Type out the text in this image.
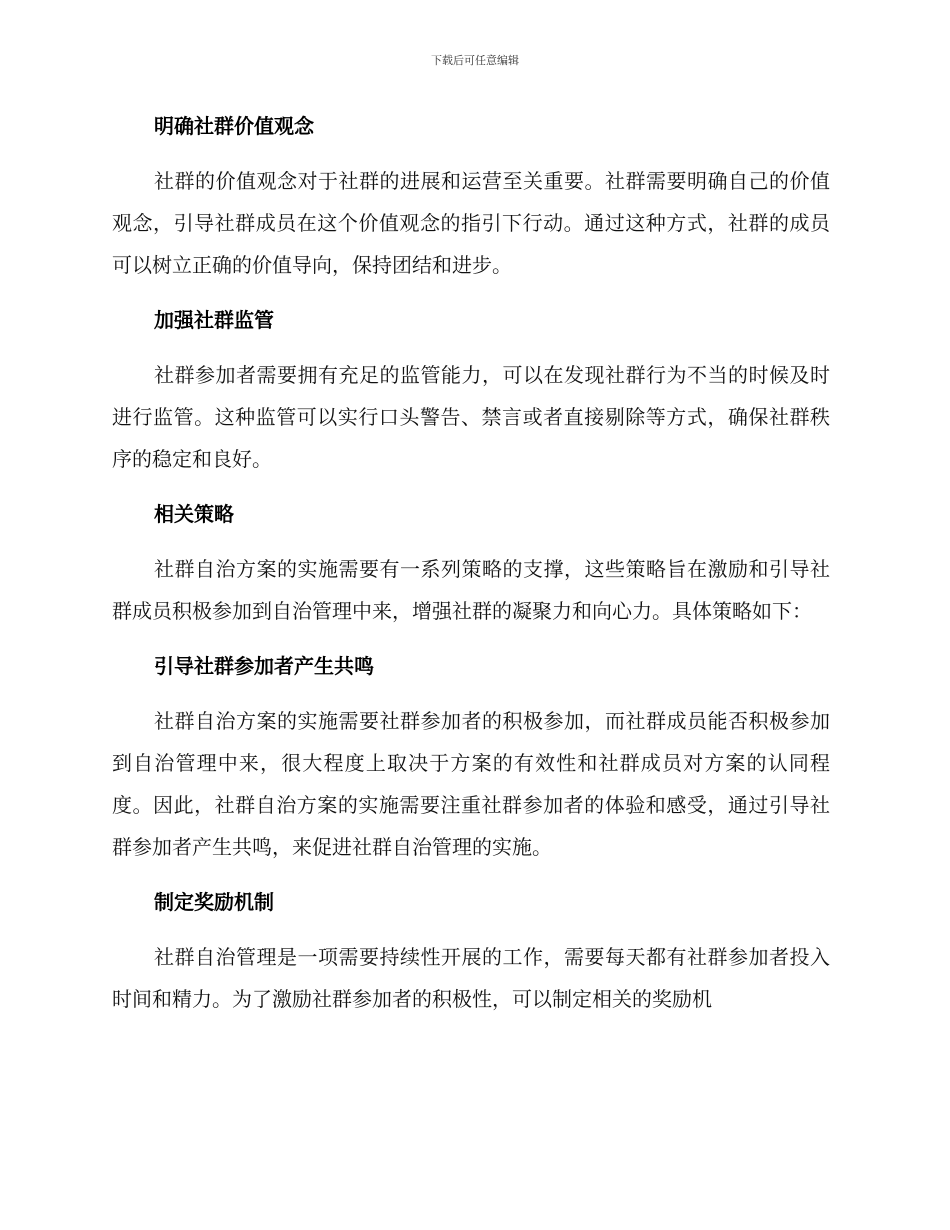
下载后可任意编辑
明确社群价值观念

社群的价值观念对于社群的进展和运营至关重要。社群需要明确自己的价值观念，引导社群成员在这个价值观念的指引下行动。通过这种方式，社群的成员可以树立正确的价值导向，保持团结和进步。

加强社群监管

社群参加者需要拥有充足的监管能力，可以在发现社群行为不当的时候及时进行监管。这种监管可以实行口头警告、禁言或者直接剔除等方式，确保社群秩序的稳定和良好。

相关策略

社群自治方案的实施需要有一系列策略的支撑，这些策略旨在激励和引导社群成员积极参加到自治管理中来，增强社群的凝聚力和向心力。具体策略如下：

引导社群参加者产生共鸣

社群自治方案的实施需要社群参加者的积极参加，而社群成员能否积极参加到自治管理中来，很大程度上取决于方案的有效性和社群成员对方案的认同程度。因此，社群自治方案的实施需要注重社群参加者的体验和感受，通过引导社群参加者产生共鸣，来促进社群自治管理的实施。

制定奖励机制

社群自治管理是一项需要持续性开展的工作，需要每天都有社群参加者投入时间和精力。为了激励社群参加者的积极性，可以制定相关的奖励机
